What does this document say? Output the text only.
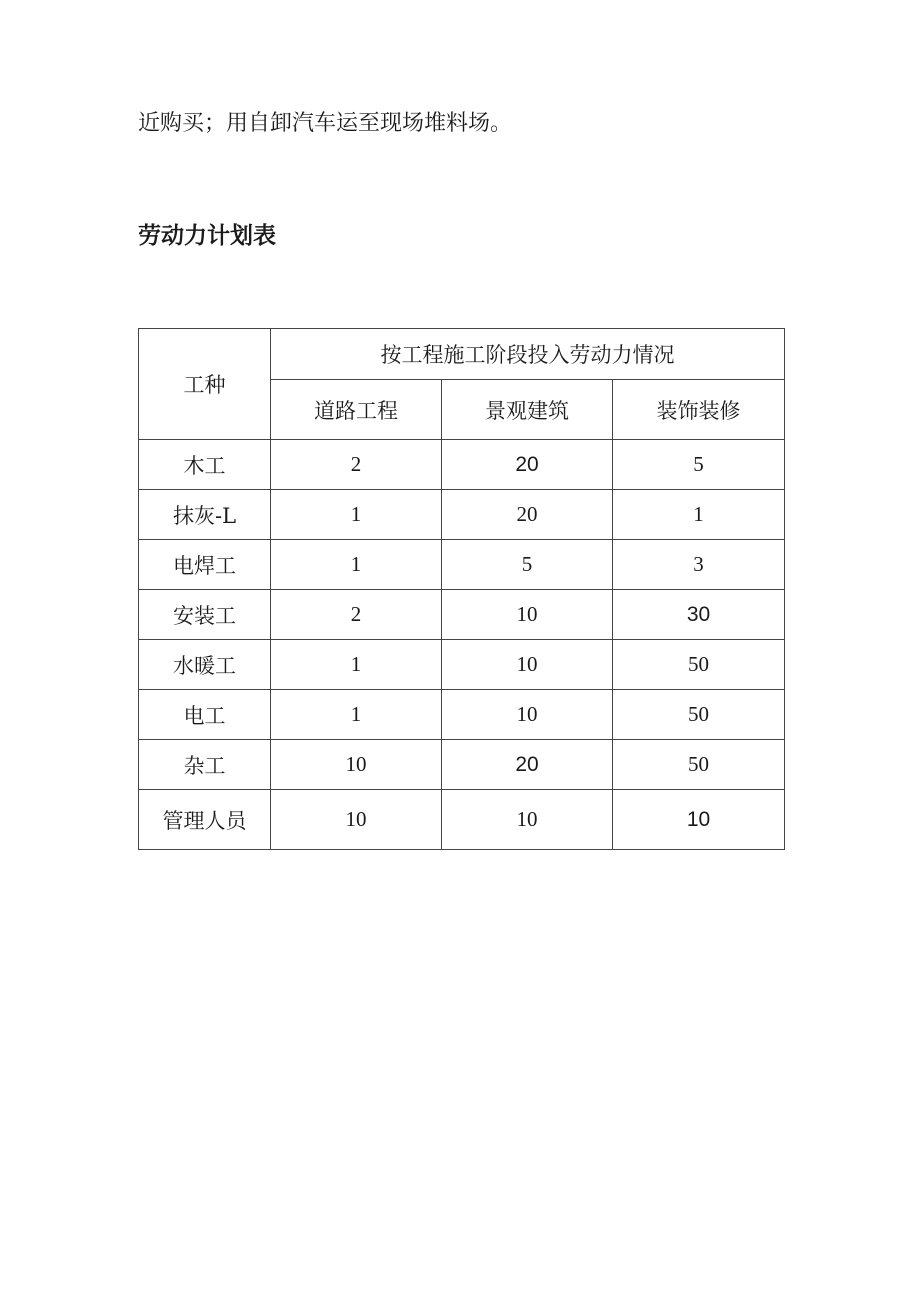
近购买；用自卸汽车运至现场堆料场。

劳动力计划表
工种	按工程施工阶段投入劳动力情况		
	道路工程	景观建筑	装饰装修
木工	2	20	5
抹灰-L	1	20	1
电焊工	1	5	3
安装工	2	10	30
水暖工	1	10	50
电工	1	10	50
杂工	10	20	50
管理人员	10	10	10
